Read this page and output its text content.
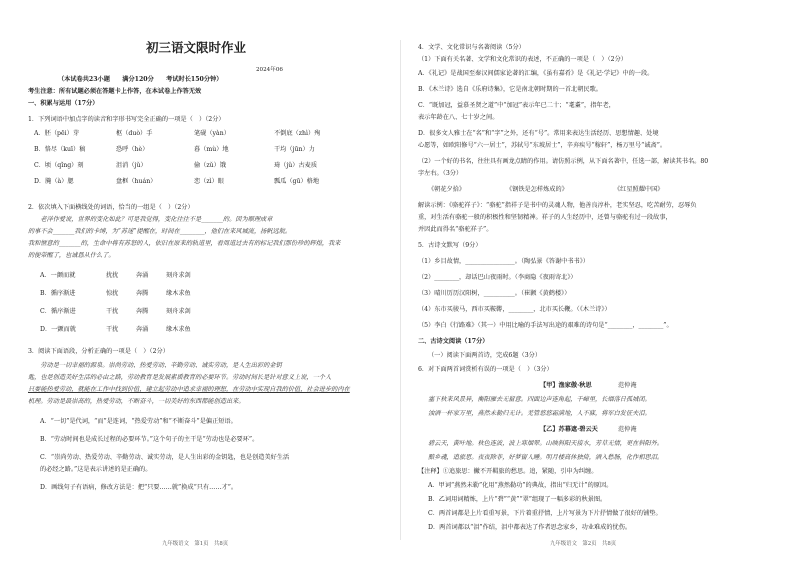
初三语文限时作业
2024年06
（本试卷共23小题　　满分120分　　考试时长150分钟）
考生注意：所有试题必须在答题卡上作答，在本试卷上作答无效
一、积累与运用（17分）
1．下列词语中加点字的读音和字形书写完全正确的一项是（　）（2分）
A．胚（pēi）芽	枢（duò）手	笔砚（yàn）	不倒底（zhì）殉
B．恪尽（kuī）稿	恐呼（hè）	暮（mù）地	干均（jūn）力
C．顷（qǐng）刻	沮消（jǔ）	偷（zǔ）饿	琦（jǔ）古麦质
D．腌（à）腮	盘框（huán）	恋（zì）眼	瓢瓜（gū）格地
2．依次填入下面横线处的词语，恰当的一组是（　）（2分）
　　老洋作爱说，世界的变化如此？可是我觉得，变化往往不是_______的。因为顺理成章
的事不会_______我们的卡缚，为“苏迷”提醒在，时间在________，他们在来风城流，扬帆远航。
我和惬意的_______的，生命中将有苏怒的人，依旧在原来的轨道里，看周道过去有的标记我们那份珍的辉煌，我来
的便带醒了，也诚恳从什么了。
A．一颤而就	扰扰	奔涌	刻舟求剑
B．循序渐进	惊扰	奔腾	缘木求鱼
C．循序渐进	干扰	奔腾	刻舟求剑
D．一颤而就	干扰	奔涌	缘木求鱼
3．阅读下面语段，分析正确的一项是（　）（2分）
　　劳动是一切幸福的源泉。崇尚劳动、热爱劳动、辛勤劳动、诚实劳动，是人生出彩的金钥
匙，也是创造美好生活的必由之路，劳动教育是发展素质教育的必要环节。劳动时间长是针对意义上说，一个人
只要能热爱劳动，就能在工作中找到价值，建立起劳动中追求幸福的理想，在劳动中实现自我的价值，社会进步的内在
机理。劳动是最崇高的，热爱劳动，不断奋斗，一切美好的东西都能创造出来。
A．“一切”是代词，“而”是连词，“热爱劳动”和“不断奋斗”是偏正短语。
B．“劳动时间也是成长过程的必要环节。”这个句子的主干是“劳动也是必要环”。
C．“崇尚劳动、热爱劳动、辛勤劳动、诚实劳动，是人生出彩的金钥匙，也是创造美好生活
的必经之路。”这是表示讲述的是正确的。
D．画线句子有语病，修改方法是：把“只要……就”换成“只有……才”。
九年级语文　第1页　共8页
4．文学、文化常识与名著阅读（5分）
（1）下面有关名著、文学和文化常识的表述，不正确的一项是（　）（2分）
A．《礼记》是战国至秦汉间儒家论著的汇编，《虽有嘉肴》是《礼记·学记》中的一段。
B．《木兰诗》选自《乐府诗集》，它是南北朝时期的一首北朝民歌。
C．“既加冠，益慕圣贤之道”中“加冠”表示年已二十；“耄耋”，指年老，
表示年龄在八、七十岁之间。
D．很多文人雅士在“名”和“字”之外，还有“号”。常用来表达生活经历、思想情趣、处境
心愿等，如欧阳修号“六一居士”，苏轼号“东坡居士”，辛弃疾号“稼轩”，杨万里号“诚斋”。
（2）一个好的书名，往往具有画龙点睛的作用。请仿照示例，从下面名著中，任选一部，解读其书名。80
字左右。（3分）
《朝花夕拾》	《钢铁是怎样炼成的》	《红星照耀中国》
解读示例：《骆驼祥子》：“骆驼”指祥子是书中的灵魂人物，他善良淳朴，老实坚忍，吃苦耐劳，忍辱负
重，对生活有骆驼一般的积极性和坚韧精神。祥子的人生经历中，还曾与骆驼有过一段故事，
并因此而得名“骆驼祥子”。
5．古诗文默写（9分）
（1）乡目故情，________________。（陶弘景《答谢中书书》）
（2）________，却话巴山夜雨时。（李商隐《夜雨寄北》）
（3）晴川历历汉阳树，__________。（崔颢《黄鹤楼》）
（4）东市买骏马，西市买鞍鞯，________，北市买长鞭。（《木兰诗》）
（5）李白《行路难》（其一）中用比喻的手法写出途的艰难的诗句是“________，________”。
二、古诗文阅读（17分）
（一）阅读下面两首诗，完成6题（3分）
6．对下面两首词赏析有误的一项是（　）（3分）
【甲】渔家傲·秋思	范仲淹
塞下秋来风景异，衡阳雁去无留意。四面边声连角起，千嶂里，长烟落日孤城闭。
浊酒一杯家万里，燕然未勒归无计。羌管悠悠霜满地，人不寐，将军白发征夫泪。
【乙】苏幕遮·碧云天	范仲淹
碧云天，黄叶地。秋色连波，波上寒烟翠。山映斜阳天接水，芳草无情，更在斜阳外。
黯乡魂，追旅思。夜夜除非，好梦留人睡。明月楼高休独倚，酒入愁肠，化作相思泪。
【注释】①追旅思：撇不开羁旅的愁思。追，紧随，引申为纠缠。
A．甲词“燕然未勒”化用“燕然勒功”的典故，指出“归无计”的原因。
B．乙词用词精炼，上片“碧”“黄”“翠”组现了一幅多彩的秋景图。
C．两首词都是上片看重写景，下片着重抒情，上片写景为下片抒情做了很好的铺垫。
D．两首词都以“泪”作结，泪中都表达了作者思念家乡，功业难成的忧伤。
九年级语文　第2页　共8页
